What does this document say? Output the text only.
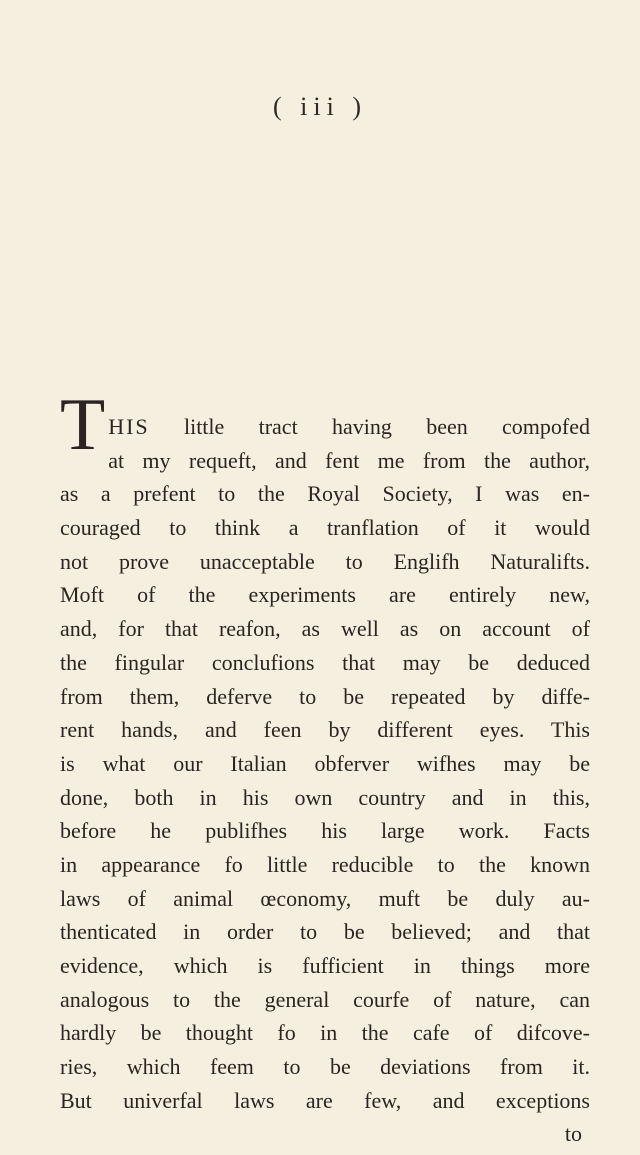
( iii )
T HIS little tract having been compofed
at my requeft, and fent me from the author,
as a prefent to the Royal Society, I was en-
couraged to think a tranflation of it would
not prove unacceptable to Englifh Naturalifts.
Moft of the experiments are entirely new,
and, for that reafon, as well as on account of
the fingular conclufions that may be deduced
from them, deferve to be repeated by diffe-
rent hands, and feen by different eyes. This
is what our Italian obferver wifhes may be
done, both in his own country and in this,
before he publifhes his large work. Facts
in appearance fo little reducible to the known
laws of animal œconomy, muft be duly au-
thenticated in order to be believed; and that
evidence, which is fufficient in things more
analogous to the general courfe of nature, can
hardly be thought fo in the cafe of difcove-
ries, which feem to be deviations from it.
But univerfal laws are few, and exceptions
to
